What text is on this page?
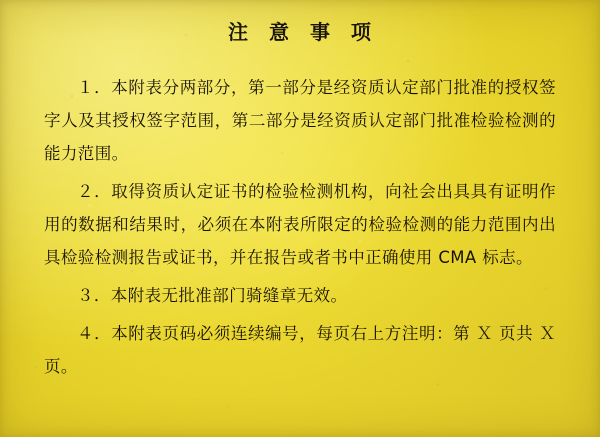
注 意 事 项

１．本附表分两部分，第一部分是经资质认定部门批准的授权签字人及其授权签字范围，第二部分是经资质认定部门批准检验检测的能力范围。

２．取得资质认定证书的检验检测机构，向社会出具具有证明作用的数据和结果时，必须在本附表所限定的检验检测的能力范围内出具检验检测报告或证书，并在报告或者书中正确使用 CMA 标志。

３．本附表无批准部门骑缝章无效。

４．本附表页码必须连续编号，每页右上方注明：第 Ｘ 页共 Ｘ 页。
